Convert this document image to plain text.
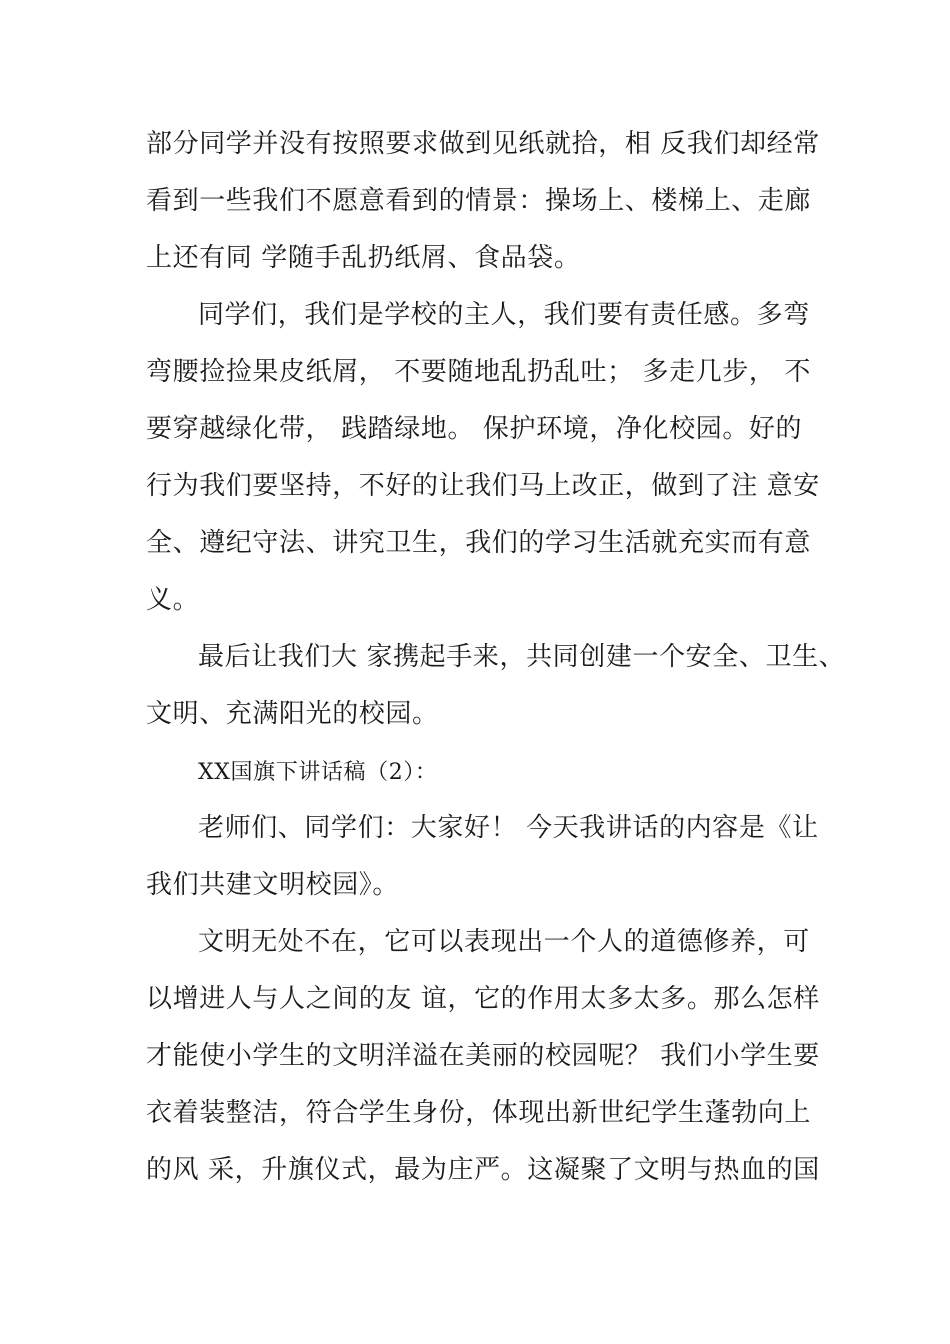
部分同学并没有按照要求做到见纸就拾，相 反我们却经常

看到一些我们不愿意看到的情景：操场上、楼梯上、走廊

上还有同 学随手乱扔纸屑、食品袋。

同学们，我们是学校的主人，我们要有责任感。多弯

弯腰捡捡果皮纸屑， 不要随地乱扔乱吐； 多走几步， 不

要穿越绿化带， 践踏绿地。 保护环境，净化校园。好的

行为我们要坚持，不好的让我们马上改正，做到了注 意安

全、遵纪守法、讲究卫生，我们的学习生活就充实而有意

义。

最后让我们大 家携起手来，共同创建一个安全、卫生、

文明、充满阳光的校园。

XX国旗下讲话稿（2）：

老师们、同学们：大家好！ 今天我讲话的内容是《让

我们共建文明校园》。

文明无处不在，它可以表现出一个人的道德修养，可

以增进人与人之间的友 谊，它的作用太多太多。那么怎样

才能使小学生的文明洋溢在美丽的校园呢？ 我们小学生要

衣着装整洁，符合学生身份，体现出新世纪学生蓬勃向上

的风 采，升旗仪式，最为庄严。这凝聚了文明与热血的国
